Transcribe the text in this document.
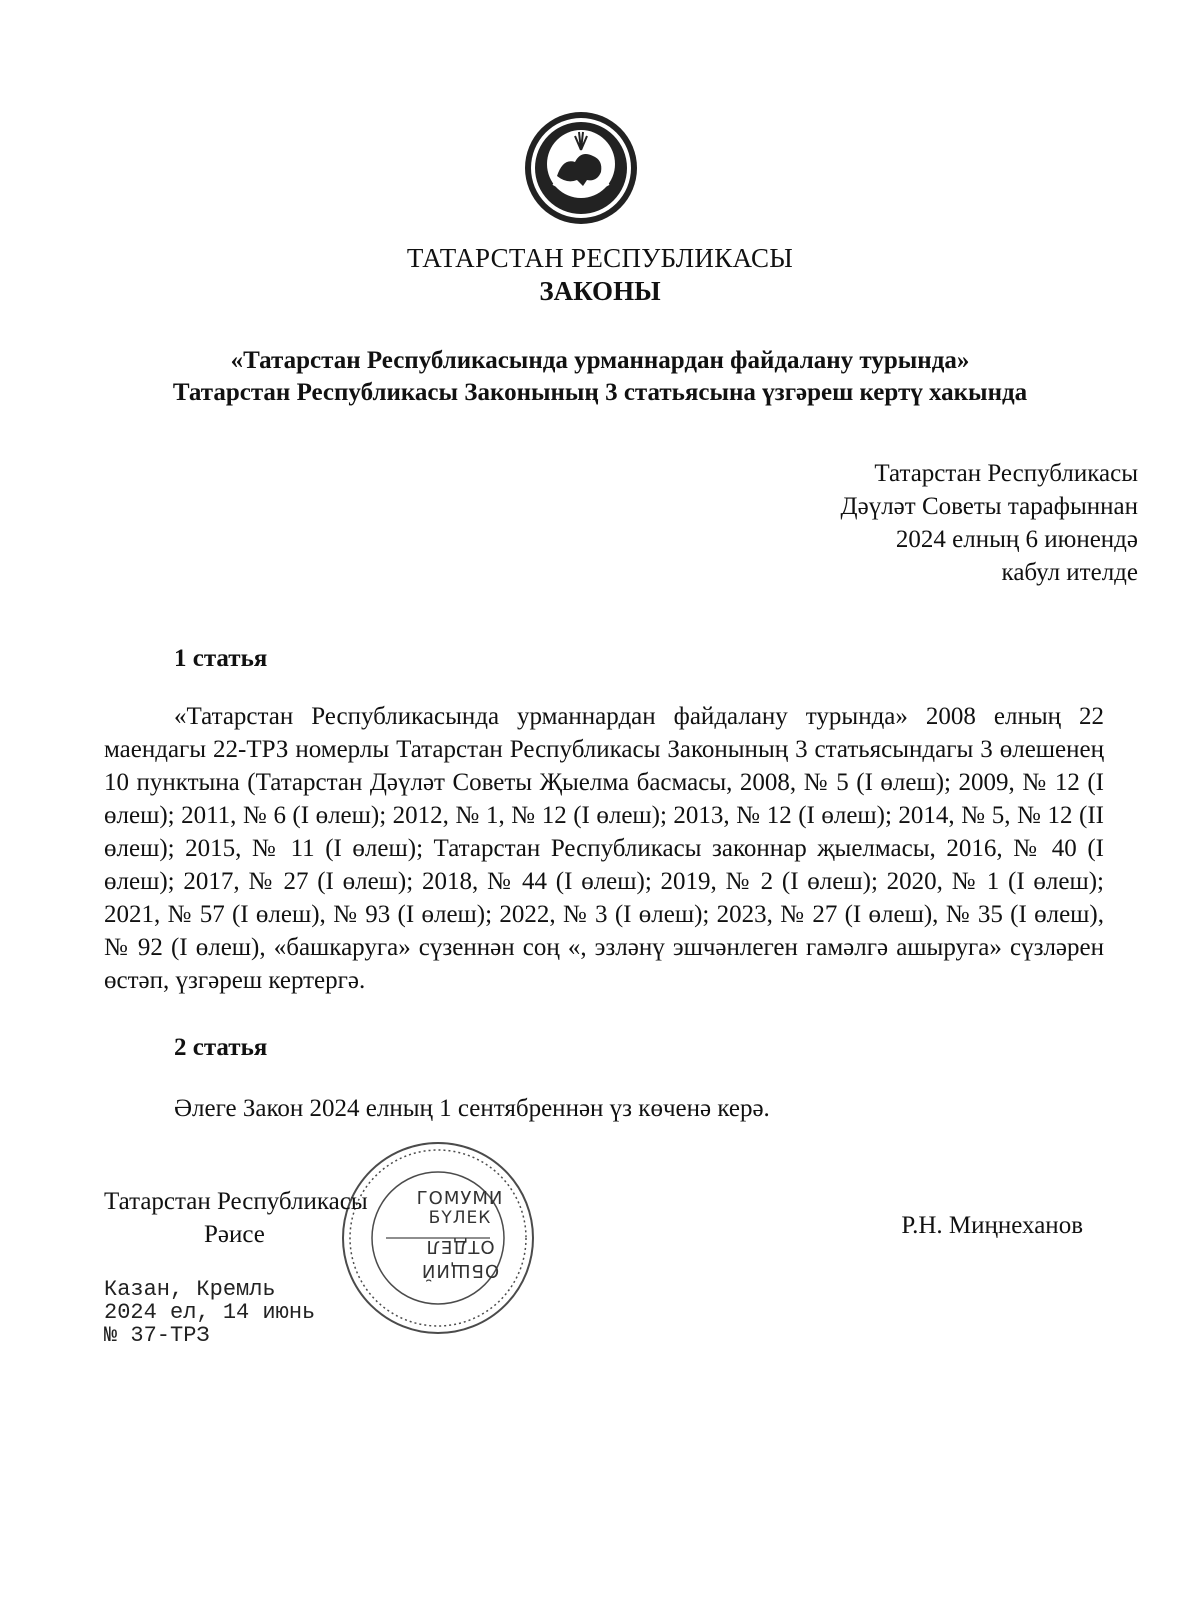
ТАТАРСТАН РЕСПУБЛИКАСЫ
ЗАКОНЫ
«Татарстан Республикасында урманнардан файдалану турында»
Татарстан Республикасы Законының 3 статьясына үзгәреш кертү хакында
Татарстан Республикасы
Дәүләт Советы тарафыннан
2024 елның 6 июнендә
кабул ителде
1 статья
«Татарстан Республикасында урманнардан файдалану турында» 2008 елның 22 маендагы 22-ТРЗ номерлы Татарстан Республикасы Законының 3 статьясындагы 3 өлешенең 10 пунктына (Татарстан Дәүләт Советы Җыелма басмасы, 2008, № 5 (I өлеш); 2009, № 12 (I өлеш); 2011, № 6 (I өлеш); 2012, № 1, № 12 (I өлеш); 2013, № 12 (I өлеш); 2014, № 5, № 12 (II өлеш); 2015, № 11 (I өлеш); Татарстан Республикасы законнар җыелмасы, 2016, № 40 (I өлеш); 2017, № 27 (I өлеш); 2018, № 44 (I өлеш); 2019, № 2 (I өлеш); 2020, № 1 (I өлеш); 2021, № 57 (I өлеш), № 93 (I өлеш); 2022, № 3 (I өлеш); 2023, № 27 (I өлеш), № 35 (I өлеш), № 92 (I өлеш), «башкаруга» сүзеннән соң «, эзләнү эшчәнлеген гамәлгә ашыруга» сүзләрен өстәп, үзгәреш кертергә.
2 статья
Әлеге Закон 2024 елның 1 сентябреннән үз көченә керә.
ГОМУМИ
БҮЛЕК
ОТДЕЛ
ОБЩИЙ
Татарстан Республикасы
Рәисе	Р.Н. Миңнеханов
Казан, Кремль
2024 ел, 14 июнь
№ 37-ТРЗ
